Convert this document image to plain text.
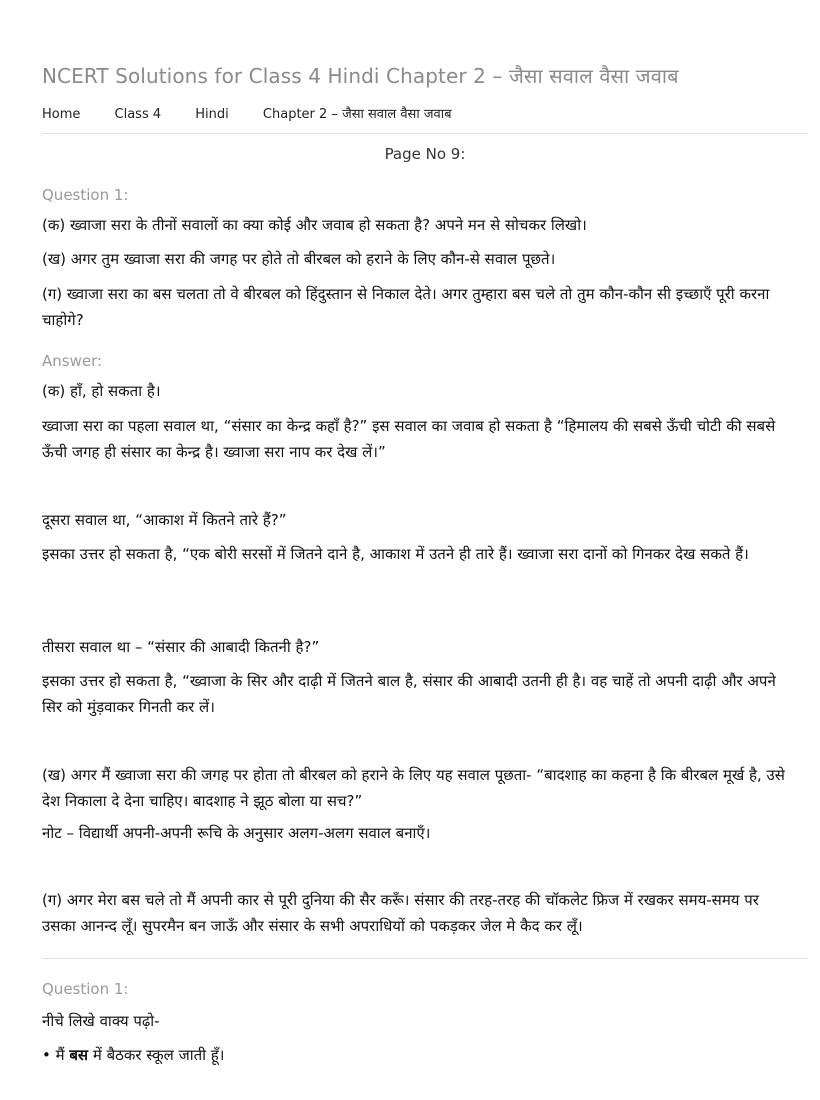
NCERT Solutions for Class 4 Hindi Chapter 2 – जैसा सवाल वैसा जवाब
Home	Class 4	Hindi	Chapter 2 – जैसा सवाल वैसा जवाब
Page No 9:
Question 1:

(क) ख्वाजा सरा के तीनों सवालों का क्या कोई और जवाब हो सकता है? अपने मन से सोचकर लिखो।

(ख) अगर तुम ख्वाजा सरा की जगह पर होते तो बीरबल को हराने के लिए कौन-से सवाल पूछते।

(ग) ख्वाजा सरा का बस चलता तो वे बीरबल को हिंदुस्तान से निकाल देते। अगर तुम्हारा बस चले तो तुम कौन-कौन सी इच्छाएँ पूरी करना चाहोगे?

Answer:

(क) हाँ, हो सकता है।

ख्वाजा सरा का पहला सवाल था, “संसार का केन्द्र कहाँ है?” इस सवाल का जवाब हो सकता है “हिमालय की सबसे ऊँची चोटी की सबसे ऊँची जगह ही संसार का केन्द्र है। ख्वाजा सरा नाप कर देख लें।”

दूसरा सवाल था, “आकाश में कितने तारे हैं?”

इसका उत्तर हो सकता है, “एक बोरी सरसों में जितने दाने है, आकाश में उतने ही तारे हैं। ख्वाजा सरा दानों को गिनकर देख सकते हैं।

तीसरा सवाल था – “संसार की आबादी कितनी है?”

इसका उत्तर हो सकता है, “ख्वाजा के सिर और दाढ़ी में जितने बाल है, संसार की आबादी उतनी ही है। वह चाहें तो अपनी दाढ़ी और अपने सिर को मुंड़वाकर गिनती कर लें।

(ख) अगर मैं ख्वाजा सरा की जगह पर होता तो बीरबल को हराने के लिए यह सवाल पूछता- “बादशाह का कहना है कि बीरबल मूर्ख है, उसे देश निकाला दे देना चाहिए। बादशाह ने झूठ बोला या सच?”

नोट – विद्यार्थी अपनी-अपनी रूचि के अनुसार अलग-अलग सवाल बनाएँ।

(ग) अगर मेरा बस चले तो मैं अपनी कार से पूरी दुनिया की सैर करूँ। संसार की तरह-तरह की चॉकलेट फ्रिज में रखकर समय-समय पर उसका आनन्द लूँ। सुपरमैन बन जाऊँ और संसार के सभी अपराधियों को पकड़कर जेल मे कैद कर लूँ।

Question 1:

नीचे लिखे वाक्य पढ़ो-

• मैं बस में बैठकर स्कूल जाती हूँ।
